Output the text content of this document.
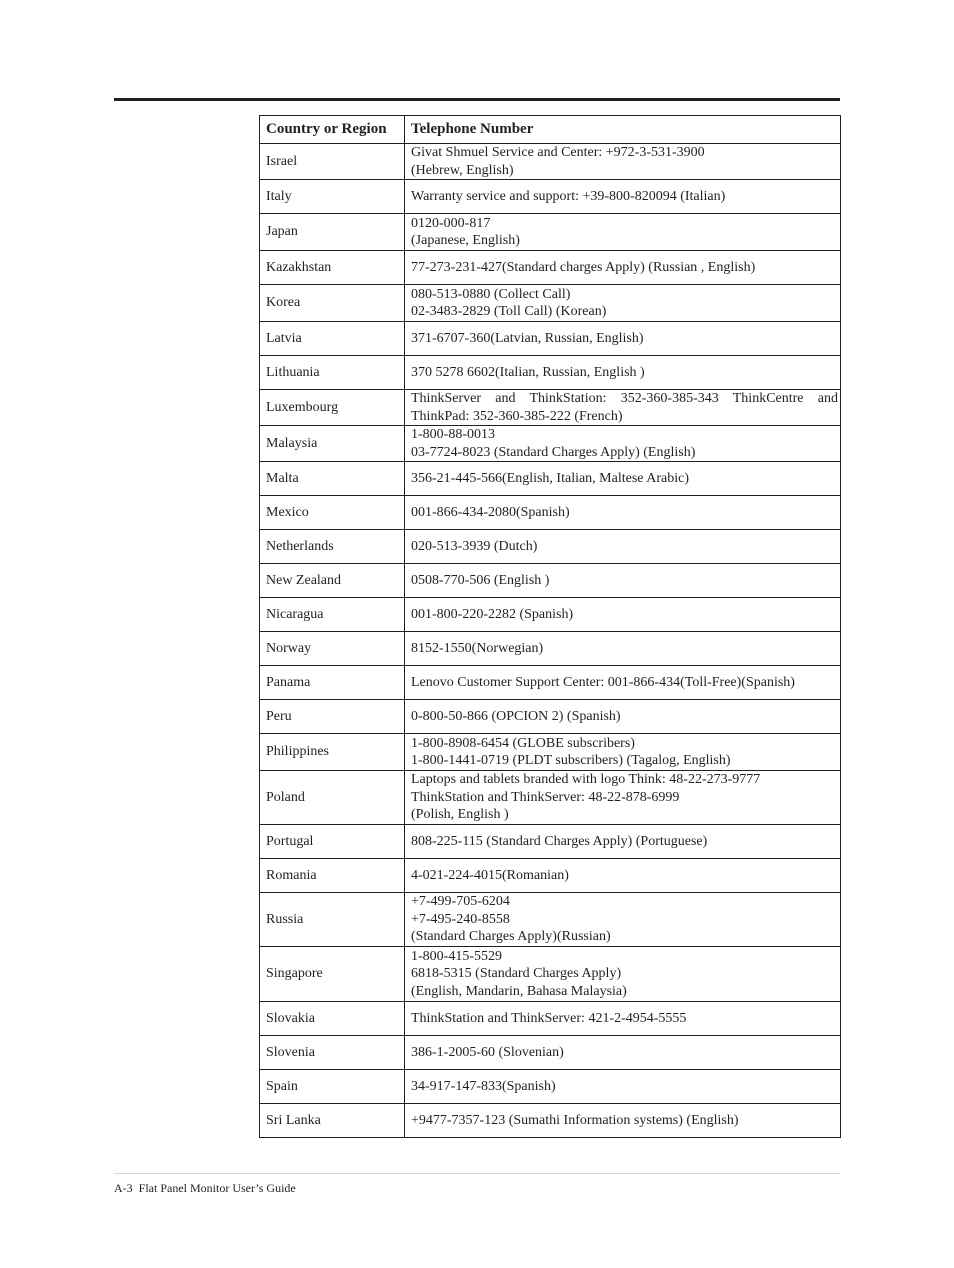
Country or Region	Telephone Number
Israel	Givat Shmuel Service and Center: +972-3-531-3900
(Hebrew, English)
Italy	Warranty service and support: +39-800-820094 (Italian)
Japan	0120-000-817
(Japanese, English)
Kazakhstan	77-273-231-427(Standard charges Apply) (Russian , English)
Korea	080-513-0880 (Collect Call)
02-3483-2829 (Toll Call) (Korean)
Latvia	371-6707-360(Latvian, Russian, English)
Lithuania	370 5278 6602(Italian, Russian, English )
Luxembourg	ThinkServer and ThinkStation: 352-360-385-343 ThinkCentre and ThinkPad: 352-360-385-222 (French)
Malaysia	1-800-88-0013
03-7724-8023 (Standard Charges Apply) (English)
Malta	356-21-445-566(English, Italian, Maltese Arabic)
Mexico	001-866-434-2080(Spanish)
Netherlands	020-513-3939 (Dutch)
New Zealand	0508-770-506 (English )
Nicaragua	001-800-220-2282 (Spanish)
Norway	8152-1550(Norwegian)
Panama	Lenovo Customer Support Center: 001-866-434(Toll-Free)(Spanish)
Peru	0-800-50-866 (OPCION 2) (Spanish)
Philippines	1-800-8908-6454 (GLOBE subscribers)
1-800-1441-0719 (PLDT subscribers) (Tagalog, English)
Poland	Laptops and tablets branded with logo Think: 48-22-273-9777
ThinkStation and ThinkServer: 48-22-878-6999
(Polish, English )
Portugal	808-225-115 (Standard Charges Apply) (Portuguese)
Romania	4-021-224-4015(Romanian)
Russia	+7-499-705-6204
+7-495-240-8558
(Standard Charges Apply)(Russian)
Singapore	1-800-415-5529
6818-5315 (Standard Charges Apply)
(English, Mandarin, Bahasa Malaysia)
Slovakia	ThinkStation and ThinkServer: 421-2-4954-5555
Slovenia	386-1-2005-60 (Slovenian)
Spain	34-917-147-833(Spanish)
Sri Lanka	+9477-7357-123 (Sumathi Information systems) (English)
A-3  Flat Panel Monitor User’s Guide
